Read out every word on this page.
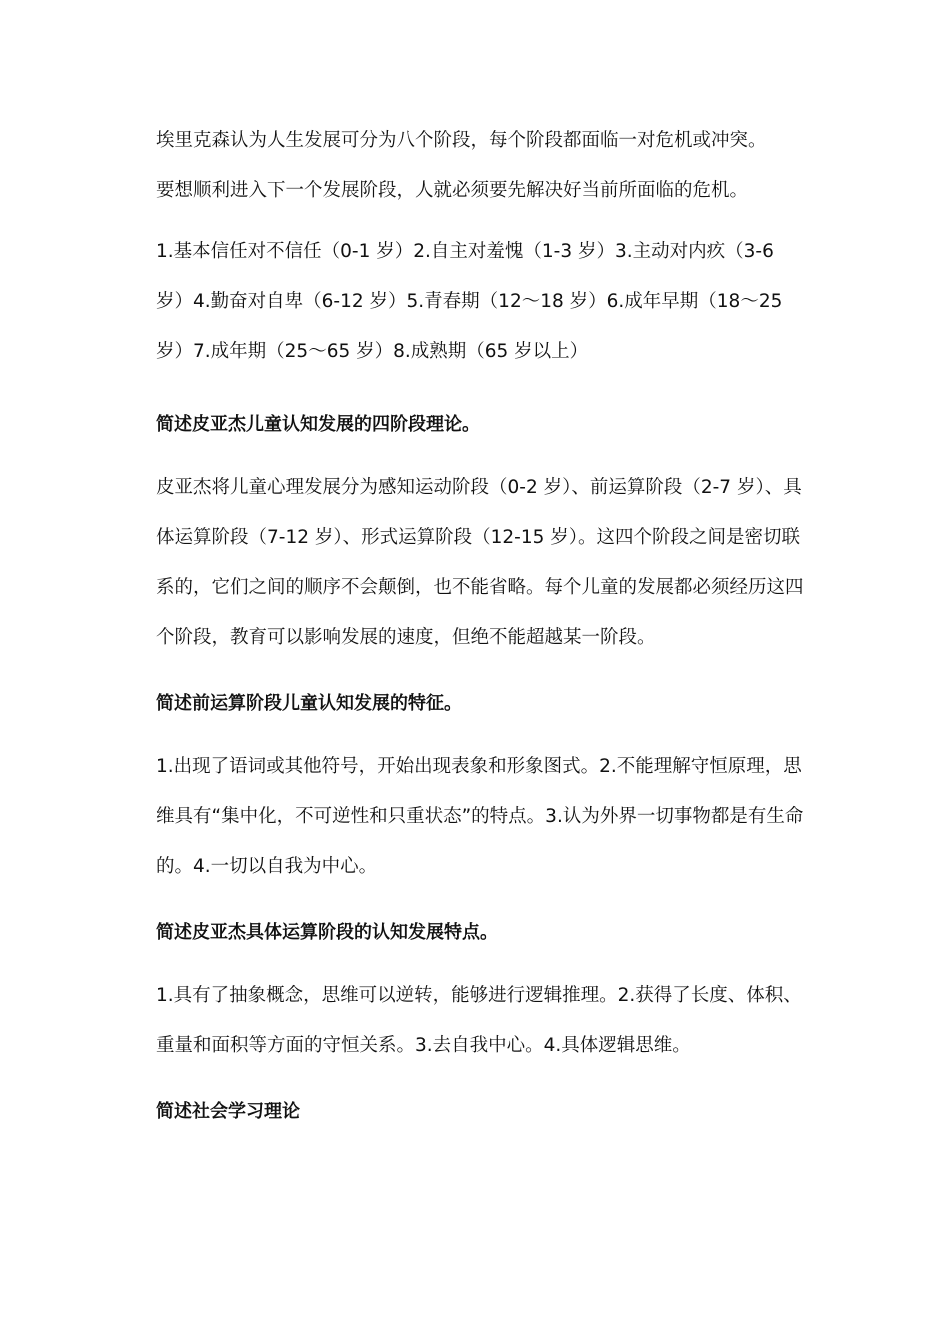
埃里克森认为人生发展可分为八个阶段，每个阶段都面临一对危机或冲突。
要想顺利进入下一个发展阶段，人就必须要先解决好当前所面临的危机。

1.基本信任对不信任（0-1 岁）2.自主对羞愧（1-3 岁）3.主动对内疚（3-6 岁）4.勤奋对自卑（6-12 岁）5.青春期（12～18 岁）6.成年早期（18～25 岁）7.成年期（25～65 岁）8.成熟期（65 岁以上）

简述皮亚杰儿童认知发展的四阶段理论。

皮亚杰将儿童心理发展分为感知运动阶段（0-2 岁）、前运算阶段（2-7 岁）、具体运算阶段（7-12 岁）、形式运算阶段（12-15 岁）。这四个阶段之间是密切联系的，它们之间的顺序不会颠倒，也不能省略。每个儿童的发展都必须经历这四个阶段，教育可以影响发展的速度，但绝不能超越某一阶段。

简述前运算阶段儿童认知发展的特征。

1.出现了语词或其他符号，开始出现表象和形象图式。2.不能理解守恒原理，思维具有“集中化，不可逆性和只重状态”的特点。3.认为外界一切事物都是有生命的。4.一切以自我为中心。

简述皮亚杰具体运算阶段的认知发展特点。

1.具有了抽象概念，思维可以逆转，能够进行逻辑推理。2.获得了长度、体积、重量和面积等方面的守恒关系。3.去自我中心。4.具体逻辑思维。

简述社会学习理论
